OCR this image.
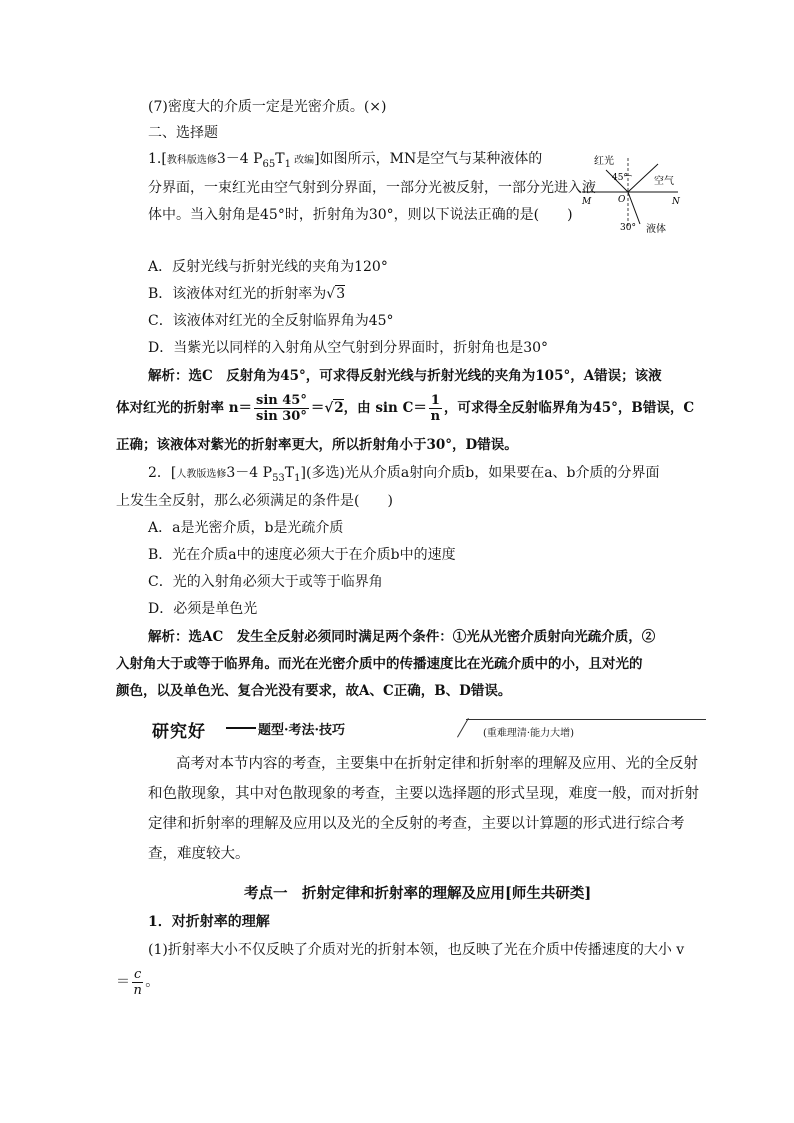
(7)密度大的介质一定是光密介质。(×)
二、选择题
1.[教科版选修3－4 $P_{65}T_1$ 改编]如图所示，MN是空气与某种液体的
分界面，一束红光由空气射到分界面，一部分光被反射，一部分光进入液
体中。当入射角是45°时，折射角为30°，则以下说法正确的是(　　)
红光
空气
液体
45°
30°
M	O	N
A．反射光线与折射光线的夹角为120°
B．该液体对红光的折射率为√3
C．该液体对红光的全反射临界角为45°
D．当紫光以同样的入射角从空气射到分界面时，折射角也是30°
解析：选C　反射角为45°，可求得反射光线与折射光线的夹角为105°，A错误；该液
体对红光的折射率 $n= \frac{\sin 45^\circ}{\sin 30^\circ} =√2$，由 $\sin C= \frac{1}{n}$ ，可求得全反射临界角为45°，B错误，C
正确；该液体对紫光的折射率更大，所以折射角小于30°，D错误。
2．[人教版选修3－4 $P_{53}T_1$](多选)光从介质a射向介质b，如果要在a、b介质的分界面
上发生全反射，那么必须满足的条件是(　　)
A．a是光密介质，b是光疏介质
B．光在介质a中的速度必须大于在介质b中的速度
C．光的入射角必须大于或等于临界角
D．必须是单色光
解析：选AC　发生全反射必须同时满足两个条件：①光从光密介质射向光疏介质，②
入射角大于或等于临界角。而光在光密介质中的传播速度比在光疏介质中的小，且对光的
颜色，以及单色光、复合光没有要求，故A、C正确，B、D错误。
研究好	题型·考法·技巧	(重难理清·能力大增)
高考对本节内容的考查，主要集中在折射定律和折射率的理解及应用、光的全反射和色散现象，其中对色散现象的考查，主要以选择题的形式呈现，难度一般，而对折射定律和折射率的理解及应用以及光的全反射的考查，主要以计算题的形式进行综合考查，难度较大。
考点一　折射定律和折射率的理解及应用[师生共研类]
1．对折射率的理解
(1)折射率大小不仅反映了介质对光的折射本领，也反映了光在介质中传播速度的大小 v
＝ $\frac{c}{n}$ 。
